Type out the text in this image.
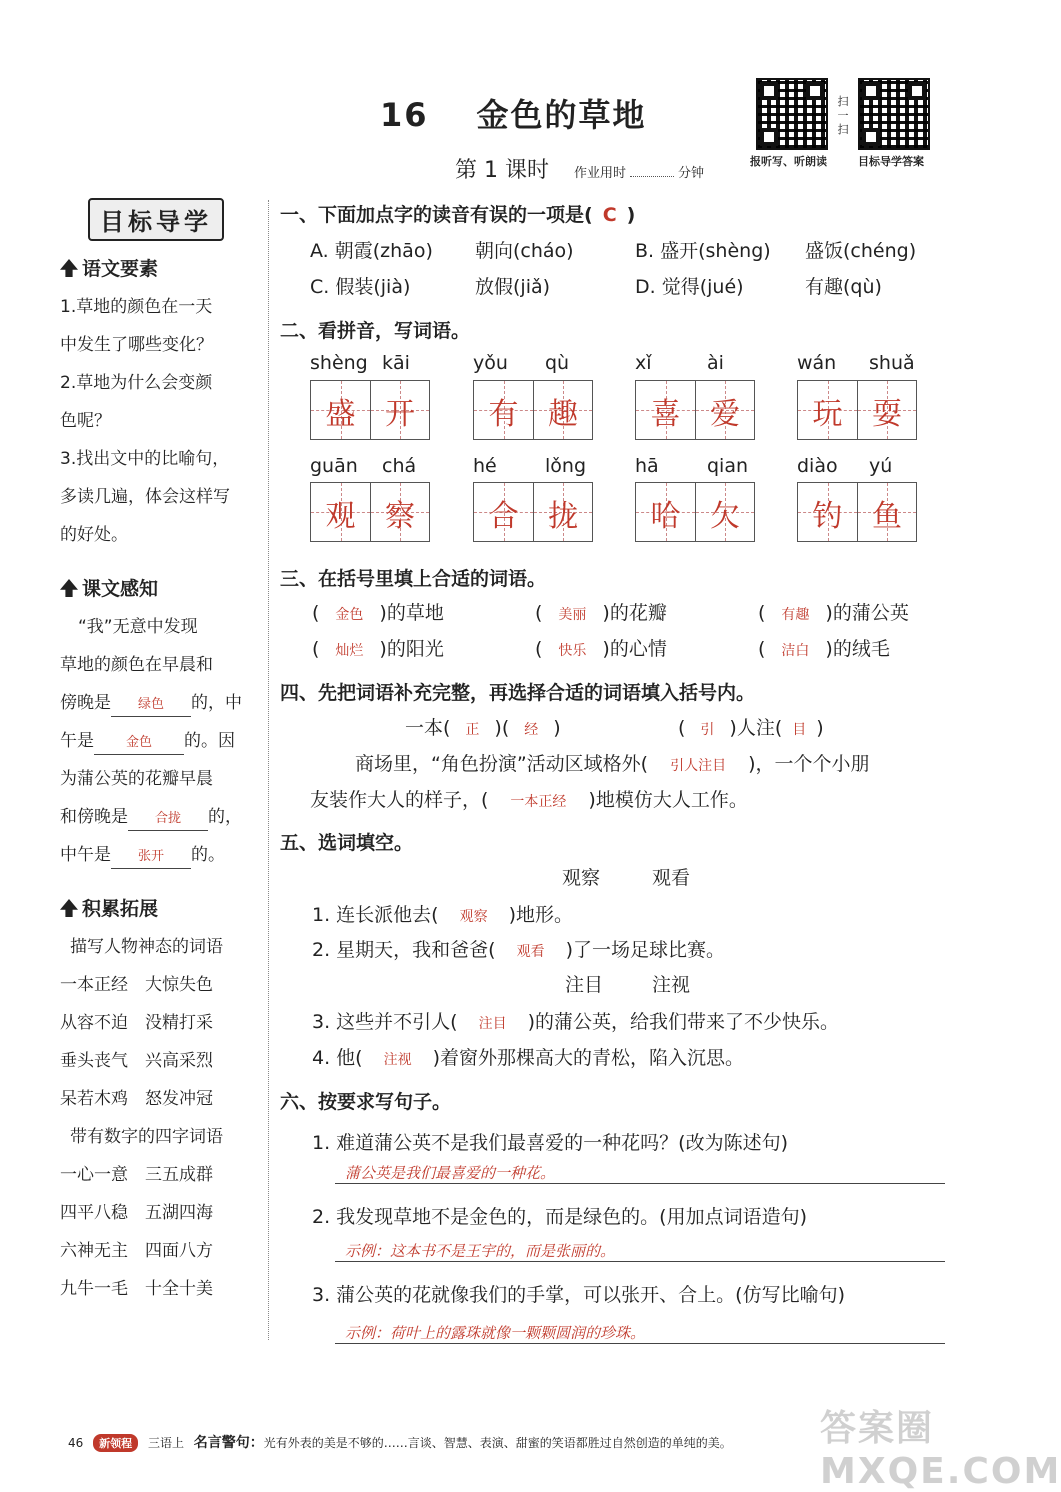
16 金色的草地
第 1 课时 作业用时	分钟
报听写、听朗读
扫一扫
目标导学答案
目标导学
语文要素
1.草地的颜色在一天
中发生了哪些变化？
2.草地为什么会变颜
色呢？
3.找出文中的比喻句，
多读几遍，体会这样写
的好处。
课文感知
“我”无意中发现
草地的颜色在早晨和
傍晚是 绿色 的，中
午是 金色 的。因
为蒲公英的花瓣早晨
和傍晚是 合拢 的，
中午是 张开 的。
积累拓展
描写人物神态的词语
一本正经　 大惊失色
从容不迫　 没精打采
垂头丧气　 兴高采烈
呆若木鸡　 怒发冲冠
带有数字的四字词语
一心一意　 三五成群
四平八稳　 五湖四海
六神无主　 四面八方
九牛一毛　 十全十美
一、下面加点字的读音有误的一项是( C )
A. 朝霞(zhāo) 朝向(cháo)	B. 盛开(shèng) 盛饭(chéng)
C. 假装(jià)	放假(jiǎ)	D. 觉得(jué)	有趣(qù)
二、看拼音，写词语。
shèng kāi
盛 开
yǒu qù
有 趣
xǐ	ài
喜 爱
wán shuǎ
玩 耍
guān chá
观 察
hé	lǒng
合 拢
hā	qian
哈 欠
diào yú
钓 鱼
三、在括号里填上合适的词语。
( 金色 )的草地	( 美丽 )的花瓣	( 有趣 )的蒲公英
( 灿烂 )的阳光	( 快乐 )的心情	( 洁白 )的绒毛
四、先把词语补充完整，再选择合适的词语填入括号内。
一本( 正 )( 经 )	( 引 )人注( 目 )
商场里，“角色扮演”活动区域格外( 引人注目 )，一个个小朋
友装作大人的样子，( 一本正经 )地模仿大人工作。
五、选词填空。
观察	观看
1. 连长派他去( 观察 )地形。
2. 星期天，我和爸爸( 观看 )了一场足球比赛。
注目	注视
3. 这些并不引人( 注目 )的蒲公英，给我们带来了不少快乐。
4. 他( 注视 )着窗外那棵高大的青松，陷入沉思。
六、按要求写句子。
1. 难道蒲公英不是我们最喜爱的一种花吗？(改为陈述句)
蒲公英是我们最喜爱的一种花。
2. 我发现草地不是金色的，而是绿色的。(用加点词语造句)
示例：这本书不是王宇的，而是张丽的。
3. 蒲公英的花就像我们的手掌，可以张开、合上。(仿写比喻句)
示例：荷叶上的露珠就像一颗颗圆润的珍珠。
46 新领程 三语上 名言警句：光有外表的美是不够的……言谈、智慧、表演、甜蜜的笑语都胜过自然创造的单纯的美。 答案圈 MXQE.COM
